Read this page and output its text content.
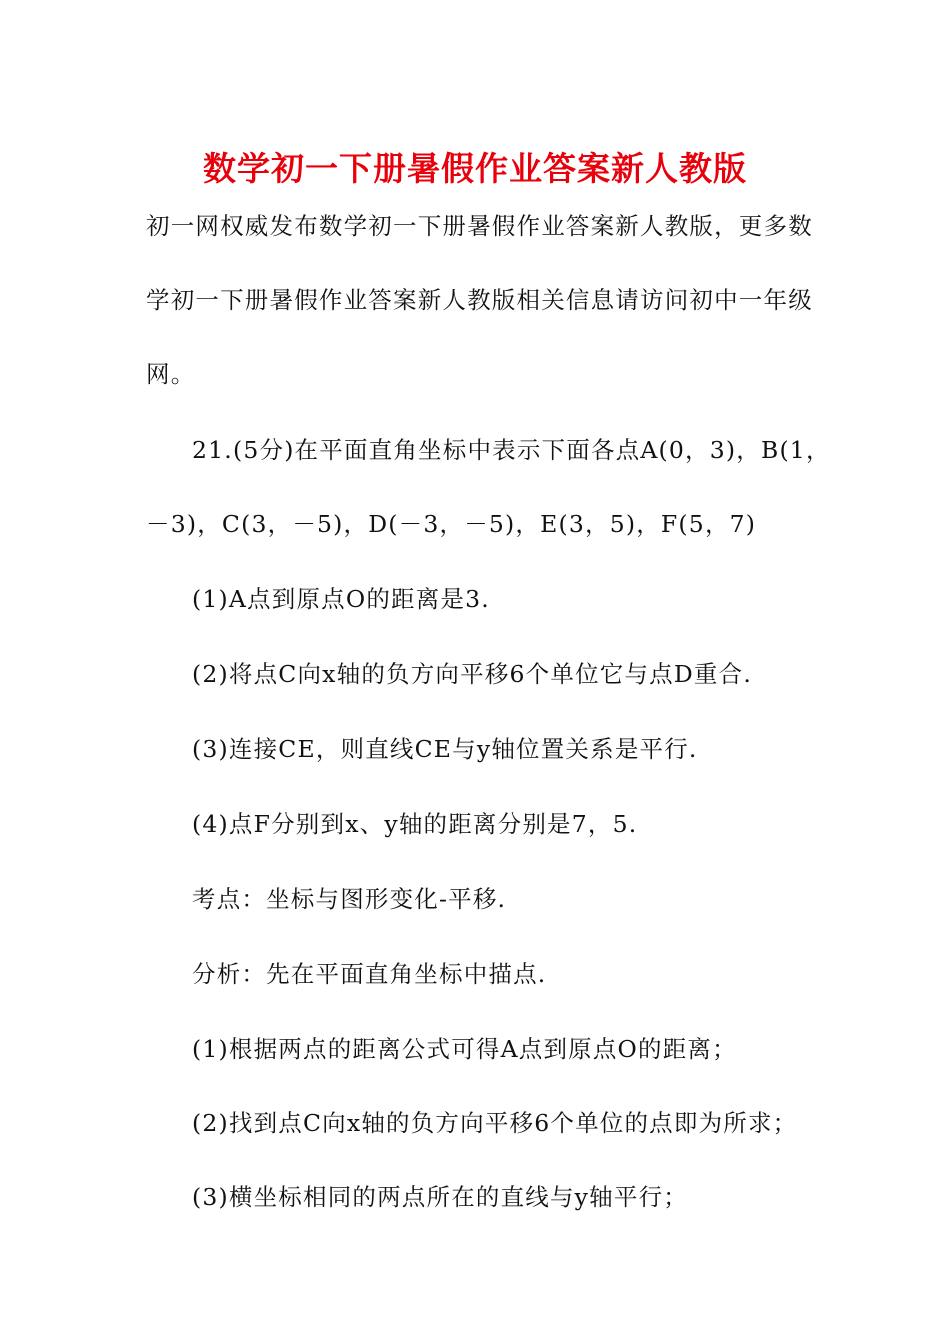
数学初一下册暑假作业答案新人教版
初一网权威发布数学初一下册暑假作业答案新人教版，更多数
学初一下册暑假作业答案新人教版相关信息请访问初中一年级
网。
21.(5分)在平面直角坐标中表示下面各点A(0，3)，B(1，
－3)，C(3，－5)，D(－3，－5)，E(3，5)，F(5，7)
(1)A点到原点O的距离是3.
(2)将点C向x轴的负方向平移6个单位它与点D重合.
(3)连接CE，则直线CE与y轴位置关系是平行.
(4)点F分别到x、y轴的距离分别是7，5.
考点：坐标与图形变化-平移.
分析：先在平面直角坐标中描点.
(1)根据两点的距离公式可得A点到原点O的距离；
(2)找到点C向x轴的负方向平移6个单位的点即为所求；
(3)横坐标相同的两点所在的直线与y轴平行；
